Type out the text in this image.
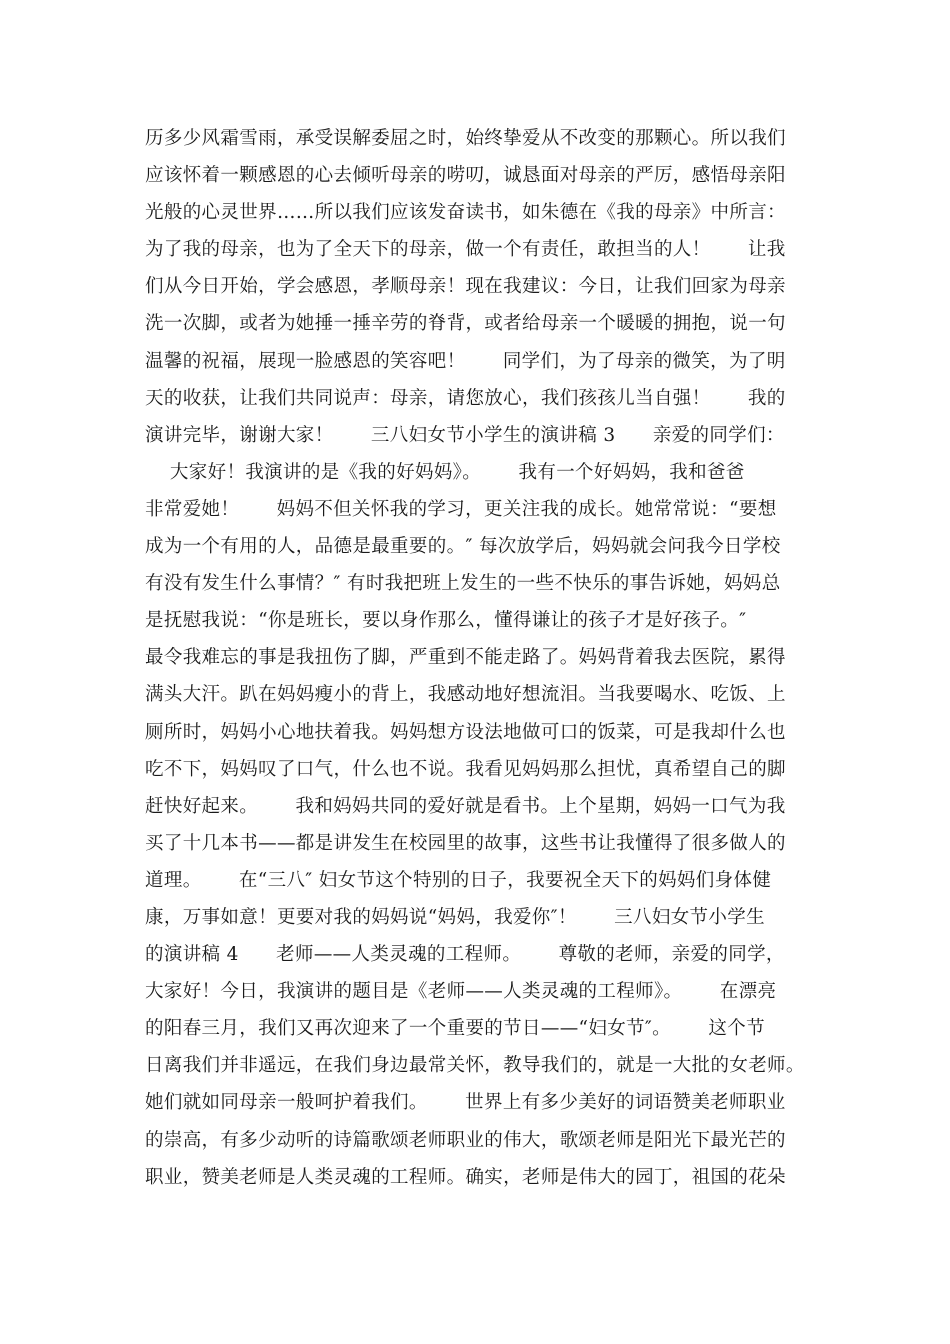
历多少风霜雪雨，承受误解委屈之时，始终挚爱从不改变的那颗心。所以我们
应该怀着一颗感恩的心去倾听母亲的唠叨，诚恳面对母亲的严厉，感悟母亲阳
光般的心灵世界……所以我们应该发奋读书，如朱德在《我的母亲》中所言：
为了我的母亲，也为了全天下的母亲，做一个有责任，敢担当的人！      让我
们从今日开始，学会感恩，孝顺母亲！现在我建议：今日，让我们回家为母亲
洗一次脚，或者为她捶一捶辛劳的脊背，或者给母亲一个暖暖的拥抱，说一句
温馨的祝福，展现一脸感恩的笑容吧！      同学们，为了母亲的微笑，为了明
天的收获，让我们共同说声：母亲，请您放心，我们孩孩儿当自强！      我的
演讲完毕，谢谢大家！      三八妇女节小学生的演讲稿 3      亲爱的同学们：
大家好！我演讲的是《我的好妈妈》。      我有一个好妈妈，我和爸爸
非常爱她！      妈妈不但关怀我的学习，更关注我的成长。她常常说：“要想
成为一个有用的人，品德是最重要的。″ 每次放学后，妈妈就会问我今日学校
有没有发生什么事情？″ 有时我把班上发生的一些不快乐的事告诉她，妈妈总
是抚慰我说：“你是班长，要以身作那么，懂得谦让的孩子才是好孩子。″
最令我难忘的事是我扭伤了脚，严重到不能走路了。妈妈背着我去医院，累得
满头大汗。趴在妈妈瘦小的背上，我感动地好想流泪。当我要喝水、吃饭、上
厕所时，妈妈小心地扶着我。妈妈想方设法地做可口的饭菜，可是我却什么也
吃不下，妈妈叹了口气，什么也不说。我看见妈妈那么担忧，真希望自己的脚
赶快好起来。      我和妈妈共同的爱好就是看书。上个星期，妈妈一口气为我
买了十几本书——都是讲发生在校园里的故事，这些书让我懂得了很多做人的
道理。      在“三八″ 妇女节这个特别的日子，我要祝全天下的妈妈们身体健
康，万事如意！更要对我的妈妈说“妈妈，我爱你″！      三八妇女节小学生
的演讲稿 4      老师——人类灵魂的工程师。      尊敬的老师，亲爱的同学，
大家好！今日，我演讲的题目是《老师——人类灵魂的工程师》。      在漂亮
的阳春三月，我们又再次迎来了一个重要的节日——“妇女节″。      这个节
日离我们并非遥远，在我们身边最常关怀，教导我们的，就是一大批的女老师。
她们就如同母亲一般呵护着我们。      世界上有多少美好的词语赞美老师职业
的崇高，有多少动听的诗篇歌颂老师职业的伟大，歌颂老师是阳光下最光芒的
职业，赞美老师是人类灵魂的工程师。确实，老师是伟大的园丁，祖国的花朵
